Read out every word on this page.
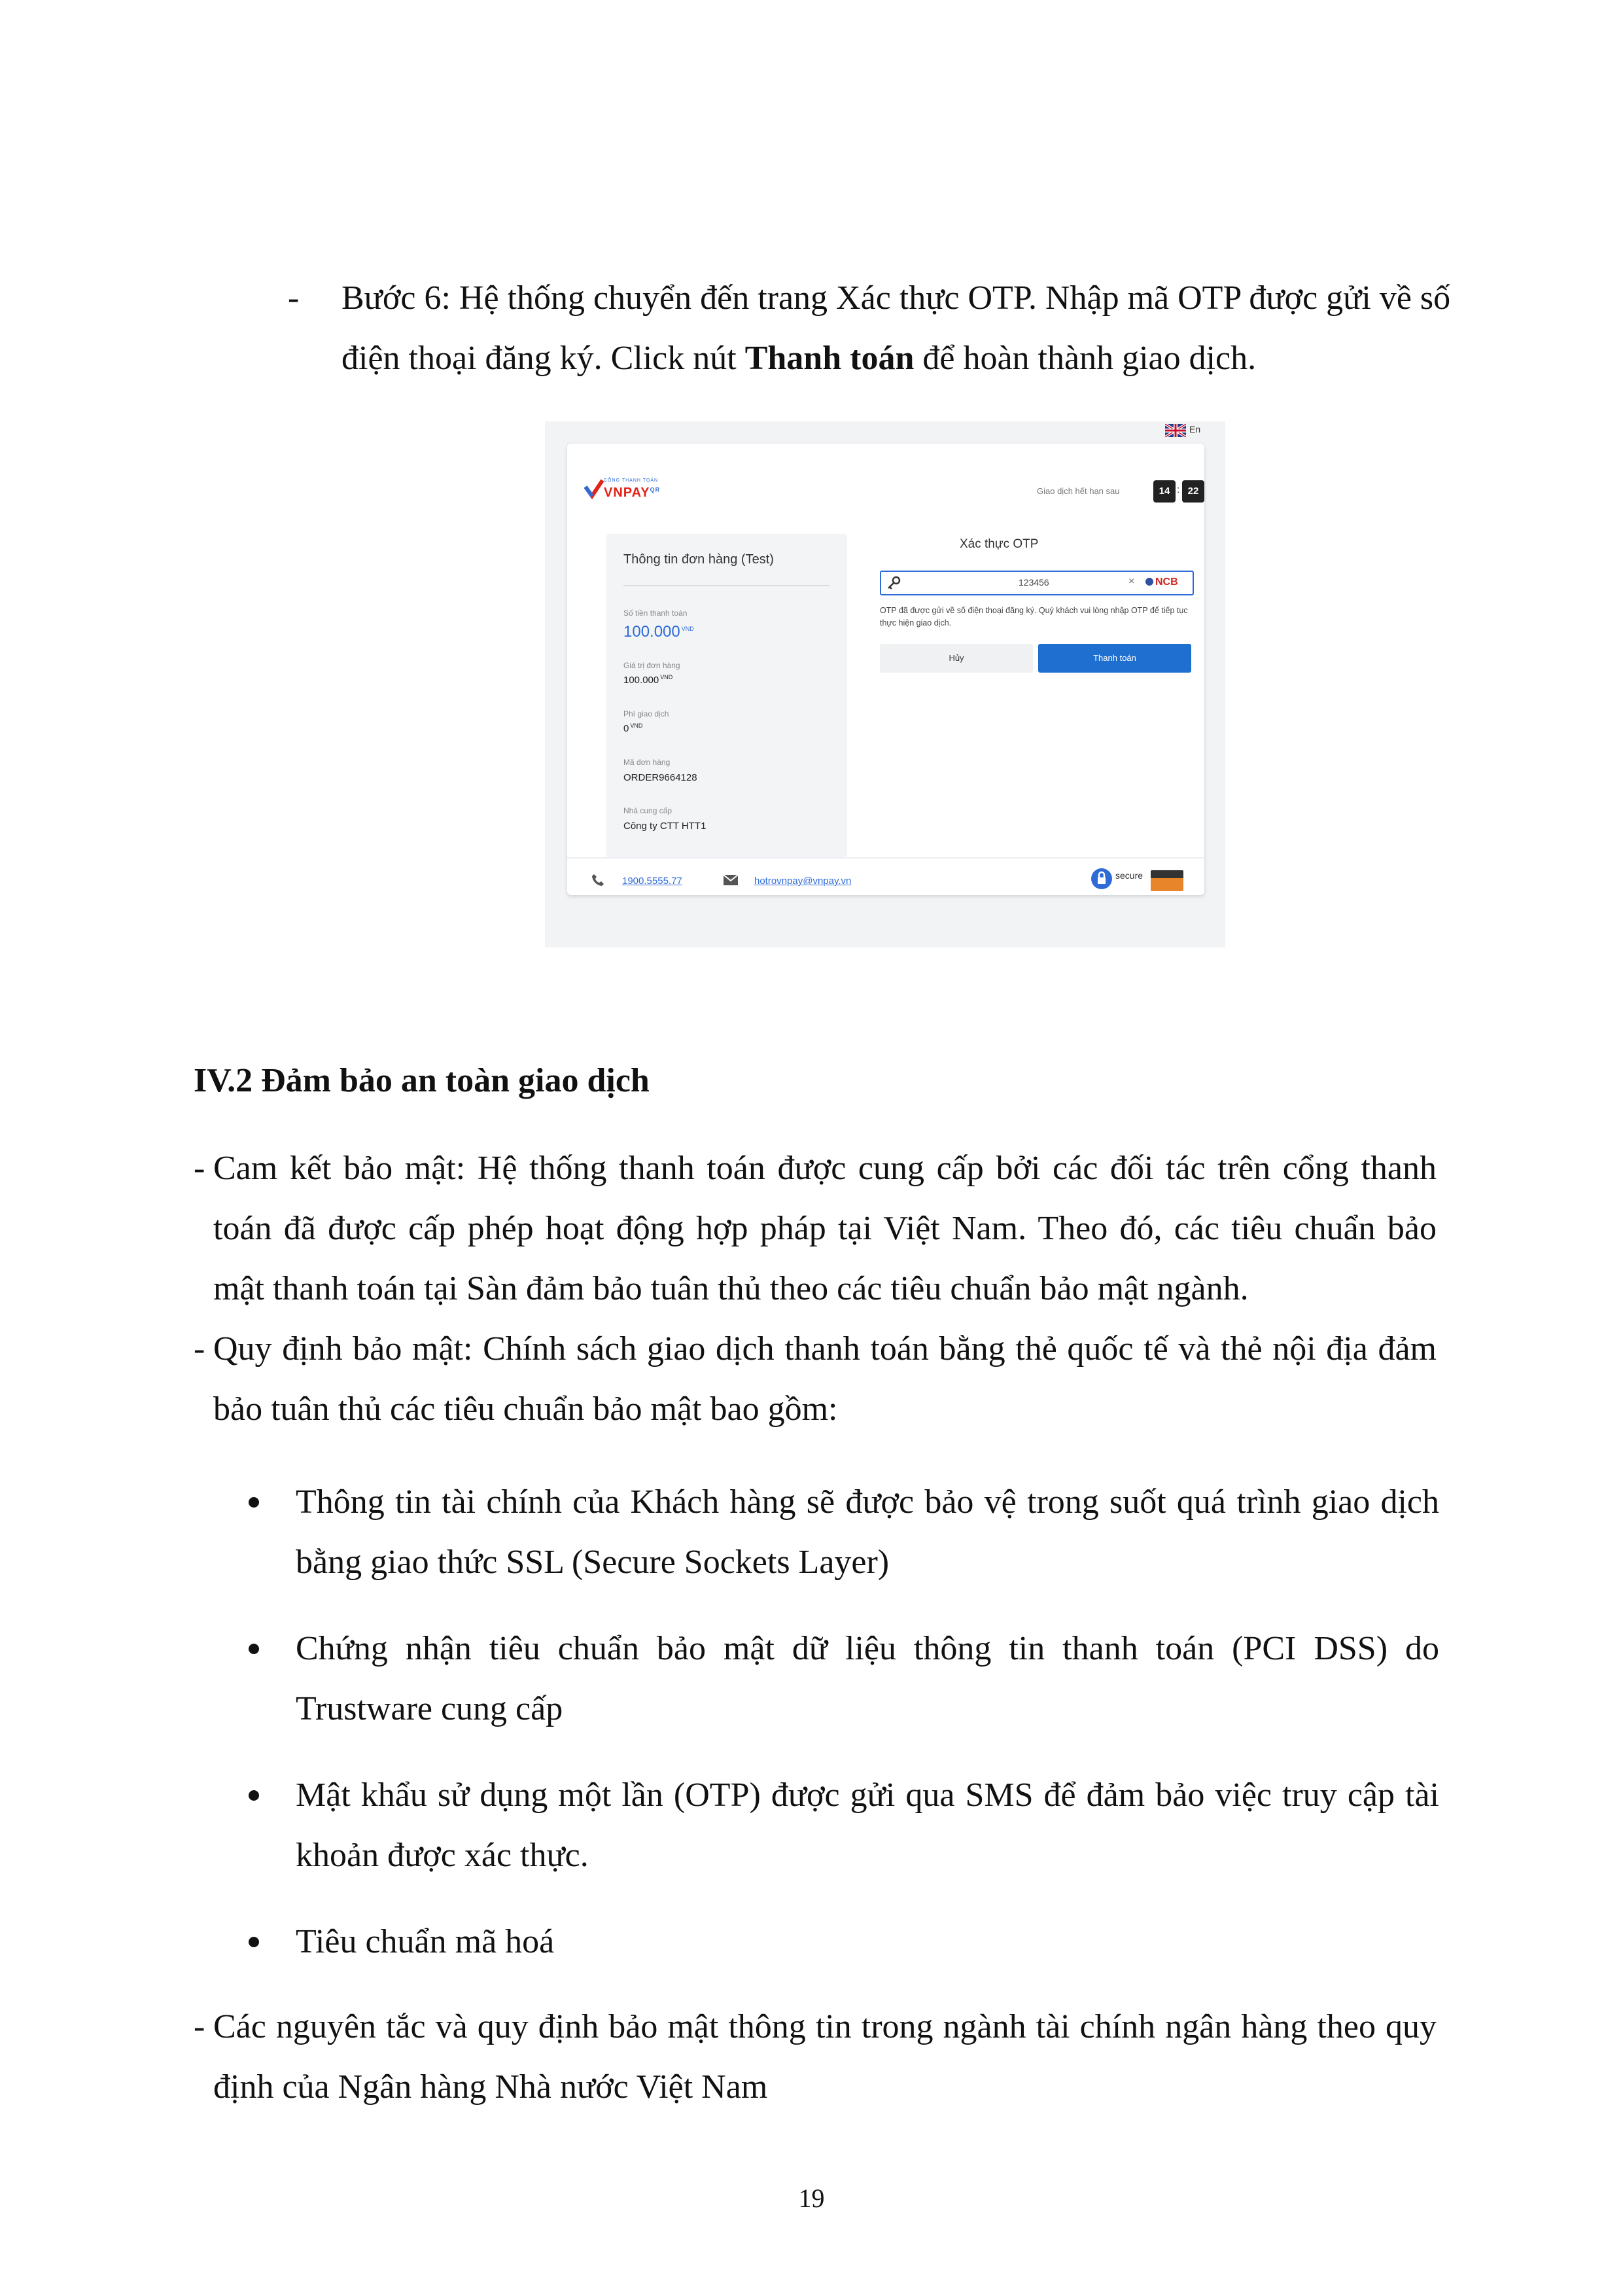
- Bước 6: Hệ thống chuyển đến trang Xác thực OTP. Nhập mã OTP được gửi về số điện thoại đăng ký. Click nút Thanh toán để hoàn thành giao dịch.
En
CỔNG THANH TOÁN
$VNPAY^{QR}$	Giao dịch hết hạn sau	14 : 22
Thông tin đơn hàng (Test)
Số tiền thanh toán
100.000 $^{VND}$
Giá trị đơn hàng
100.000 $^{VND}$
Phí giao dịch
0 $^{VND}$
Mã đơn hàng
ORDER9664128
Nhà cung cấp
Công ty CTT HTT1
Xác thực OTP
123456	×	NCB
OTP đã được gửi về số điện thoại đăng ký. Quý khách vui lòng nhập OTP để tiếp tục thực hiện giao dịch.
Hủy	Thanh toán
1900.5555.77	hotrovnpay@vnpay.vn	secure
IV.2 Đảm bảo an toàn giao dịch
- Cam kết bảo mật: Hệ thống thanh toán được cung cấp bởi các đối tác trên cổng thanh toán đã được cấp phép hoạt động hợp pháp tại Việt Nam. Theo đó, các tiêu chuẩn bảo mật thanh toán tại Sàn đảm bảo tuân thủ theo các tiêu chuẩn bảo mật ngành.
- Quy định bảo mật: Chính sách giao dịch thanh toán bằng thẻ quốc tế và thẻ nội địa đảm bảo tuân thủ các tiêu chuẩn bảo mật bao gồm:
Thông tin tài chính của Khách hàng sẽ được bảo vệ trong suốt quá trình giao dịch bằng giao thức SSL (Secure Sockets Layer)
Chứng nhận tiêu chuẩn bảo mật dữ liệu thông tin thanh toán (PCI DSS) do Trustware cung cấp
Mật khẩu sử dụng một lần (OTP) được gửi qua SMS để đảm bảo việc truy cập tài khoản được xác thực.
Tiêu chuẩn mã hoá
- Các nguyên tắc và quy định bảo mật thông tin trong ngành tài chính ngân hàng theo quy định của Ngân hàng Nhà nước Việt Nam
19
